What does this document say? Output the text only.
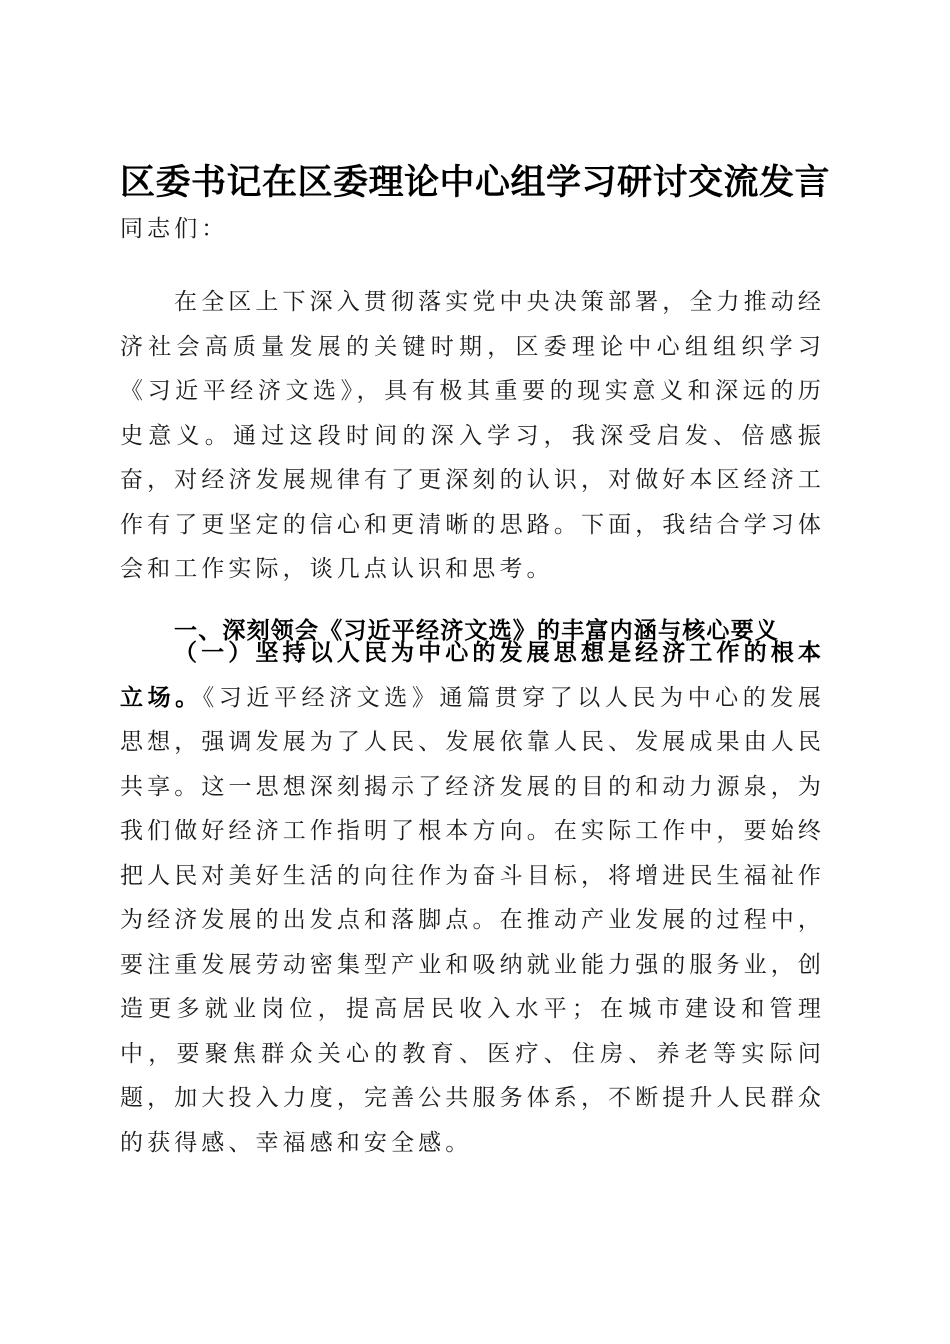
区委书记在区委理论中心组学习研讨交流发言

同志们：

在全区上下深入贯彻落实党中央决策部署，全力推动经济社会高质量发展的关键时期，区委理论中心组组织学习《习近平经济文选》，具有极其重要的现实意义和深远的历史意义。通过这段时间的深入学习，我深受启发、倍感振奋，对经济发展规律有了更深刻的认识，对做好本区经济工作有了更坚定的信心和更清晰的思路。下面，我结合学习体会和工作实际，谈几点认识和思考。

一、深刻领会《习近平经济文选》的丰富内涵与核心要义

（一）坚持以人民为中心的发展思想是经济工作的根本立场。《习近平经济文选》通篇贯穿了以人民为中心的发展思想，强调发展为了人民、发展依靠人民、发展成果由人民共享。这一思想深刻揭示了经济发展的目的和动力源泉，为我们做好经济工作指明了根本方向。在实际工作中，要始终把人民对美好生活的向往作为奋斗目标，将增进民生福祉作为经济发展的出发点和落脚点。在推动产业发展的过程中，要注重发展劳动密集型产业和吸纳就业能力强的服务业，创造更多就业岗位，提高居民收入水平；在城市建设和管理中，要聚焦群众关心的教育、医疗、住房、养老等实际问题，加大投入力度，完善公共服务体系，不断提升人民群众的获得感、幸福感和安全感。
